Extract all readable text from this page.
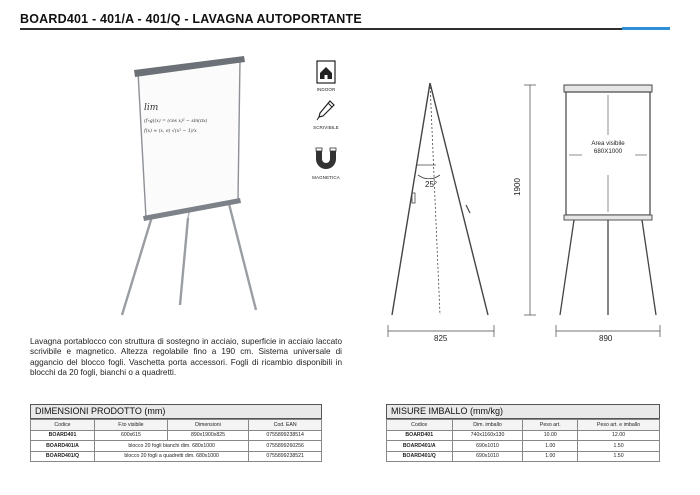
BOARD401 - 401/A - 401/Q - LAVAGNA AUTOPORTANTE
lim
(f∘g)(x) = (cos x)² − sin(πx)
f(x) ≈ (x, e) √(x² − 1)/x
INDOOR
SCRIVIBILE
MAGNETICA
25°
825
1900
Area visibile
680X1000
890
Lavagna portablocco con struttura di sostegno in acciaio, superficie in acciaio laccato scrivibile e magnetico. Altezza regolabile fino a 190 cm. Sistema universale di aggancio del blocco fogli. Vaschetta porta accessori. Fogli di ricambio disponibili in blocchi da 20 fogli, bianchi o a quadretti.
DIMENSIONI PRODOTTO (mm)
Codice	F.to visibile	Dimensioni	Cod. EAN
BOARD401	600x615	890x1900x825	0755899238514
BOARD401/A	blocco 20 fogli bianchi dim. 680x1000		0755899260256
BOARD401/Q	blocco 20 fogli a quadretti dim. 680x1000		0755899238521
MISURE IMBALLO (mm/kg)
Codice	Dim. imballo	Peso art.	Peso art. e imballo
BOARD401	740x1160x130	10.00	12.00
BOARD401/A	690x1010	1.00	1.50
BOARD401/Q	690x1010	1.00	1.50
